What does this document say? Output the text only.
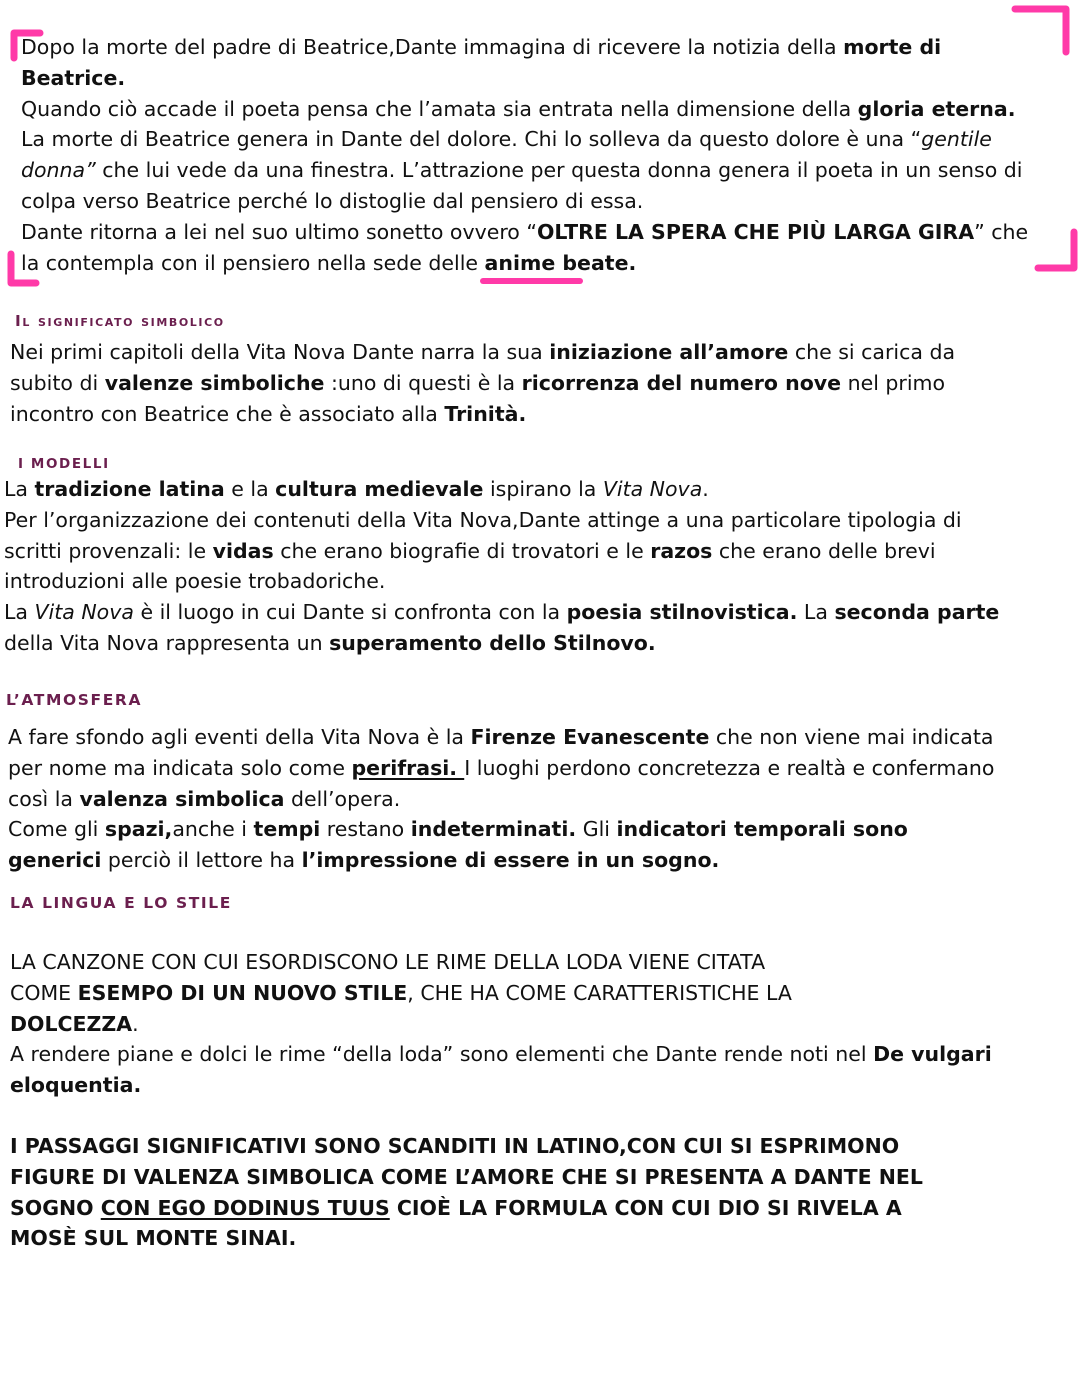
Dopo la morte del padre di Beatrice,Dante immagina di ricevere la notizia della morte di

Beatrice.

Quando ciò accade il poeta pensa che l’amata sia entrata nella dimensione della gloria eterna.

La morte di Beatrice genera in Dante del dolore. Chi lo solleva da questo dolore è una “gentile

donna” che lui vede da una finestra. L’attrazione per questa donna genera il poeta in un senso di

colpa verso Beatrice perché lo distoglie dal pensiero di essa.

Dante ritorna a lei nel suo ultimo sonetto ovvero “OLTRE LA SPERA CHE PIÙ LARGA GIRA” che

la contempla con il pensiero nella sede delle anime beate.

Il significato simbolico

Nei primi capitoli della Vita Nova Dante narra la sua iniziazione all’amore che si carica da

subito di valenze simboliche :uno di questi è la ricorrenza del numero nove nel primo

incontro con Beatrice che è associato alla Trinità.

I MODELLI

La tradizione latina e la cultura medievale ispirano la Vita Nova.

Per l’organizzazione dei contenuti della Vita Nova,Dante attinge a una particolare tipologia di

scritti provenzali: le vidas che erano biografie di trovatori e le razos che erano delle brevi

introduzioni alle poesie trobadoriche.

La Vita Nova è il luogo in cui Dante si confronta con la poesia stilnovistica. La seconda parte

della Vita Nova rappresenta un superamento dello Stilnovo.

L’ATMOSFERA

A fare sfondo agli eventi della Vita Nova è la Firenze Evanescente che non viene mai indicata

per nome ma indicata solo come perifrasi. I luoghi perdono concretezza e realtà e confermano

così la valenza simbolica dell’opera.

Come gli spazi,anche i tempi restano indeterminati. Gli indicatori temporali sono

generici perciò il lettore ha l’impressione di essere in un sogno.

LA LINGUA E LO STILE

LA CANZONE CON CUI ESORDISCONO LE RIME DELLA LODA VIENE CITATA

COME ESEMPO DI UN NUOVO STILE, CHE HA COME CARATTERISTICHE LA

DOLCEZZA.

A rendere piane e dolci le rime “della loda” sono elementi che Dante rende noti nel De vulgari

eloquentia.

I PASSAGGI SIGNIFICATIVI SONO SCANDITI IN LATINO,CON CUI SI ESPRIMONO

FIGURE DI VALENZA SIMBOLICA COME L’AMORE CHE SI PRESENTA A DANTE NEL

SOGNO CON EGO DODINUS TUUS CIOÈ LA FORMULA CON CUI DIO SI RIVELA A

MOSÈ SUL MONTE SINAI.
